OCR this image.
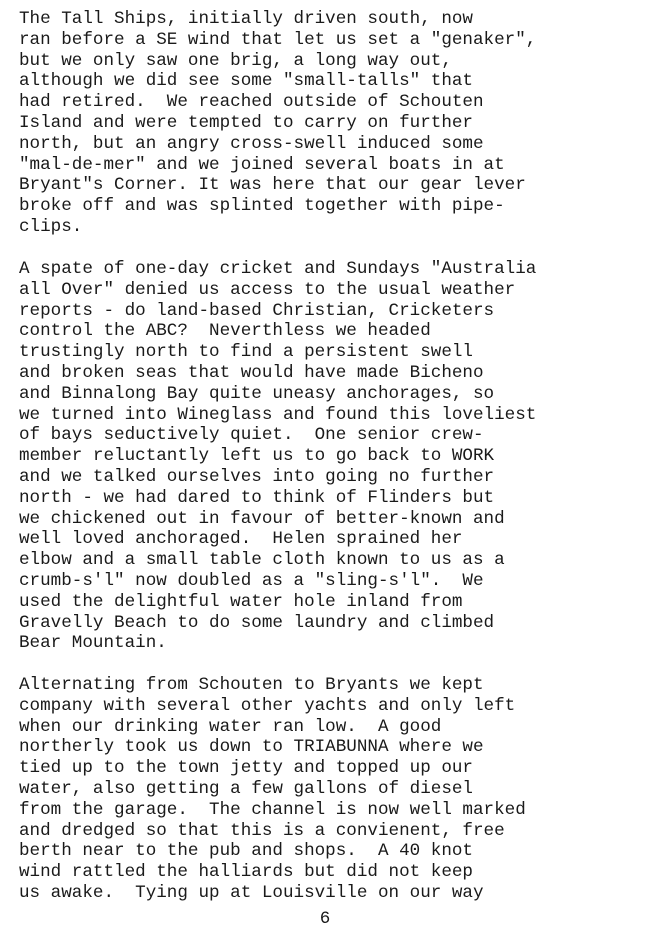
The Tall Ships, initially driven south, now
ran before a SE wind that let us set a "genaker",
but we only saw one brig, a long way out,
although we did see some "small-talls" that
had retired.  We reached outside of Schouten
Island and were tempted to carry on further
north, but an angry cross-swell induced some
"mal-de-mer" and we joined several boats in at
Bryant"s Corner. It was here that our gear lever
broke off and was splinted together with pipe-
clips.
A spate of one-day cricket and Sundays "Australia
all Over" denied us access to the usual weather
reports - do land-based Christian, Cricketers
control the ABC?  Neverthless we headed
trustingly north to find a persistent swell
and broken seas that would have made Bicheno
and Binnalong Bay quite uneasy anchorages, so
we turned into Wineglass and found this loveliest
of bays seductively quiet.  One senior crew-
member reluctantly left us to go back to WORK
and we talked ourselves into going no further
north - we had dared to think of Flinders but
we chickened out in favour of better-known and
well loved anchoraged.  Helen sprained her
elbow and a small table cloth known to us as a
crumb-s'l" now doubled as a "sling-s'l".  We
used the delightful water hole inland from
Gravelly Beach to do some laundry and climbed
Bear Mountain.
Alternating from Schouten to Bryants we kept
company with several other yachts and only left
when our drinking water ran low.  A good
northerly took us down to TRIABUNNA where we
tied up to the town jetty and topped up our
water, also getting a few gallons of diesel
from the garage.  The channel is now well marked
and dredged so that this is a convienent, free
berth near to the pub and shops.  A 40 knot
wind rattled the halliards but did not keep
us awake.  Tying up at Louisville on our way
6
